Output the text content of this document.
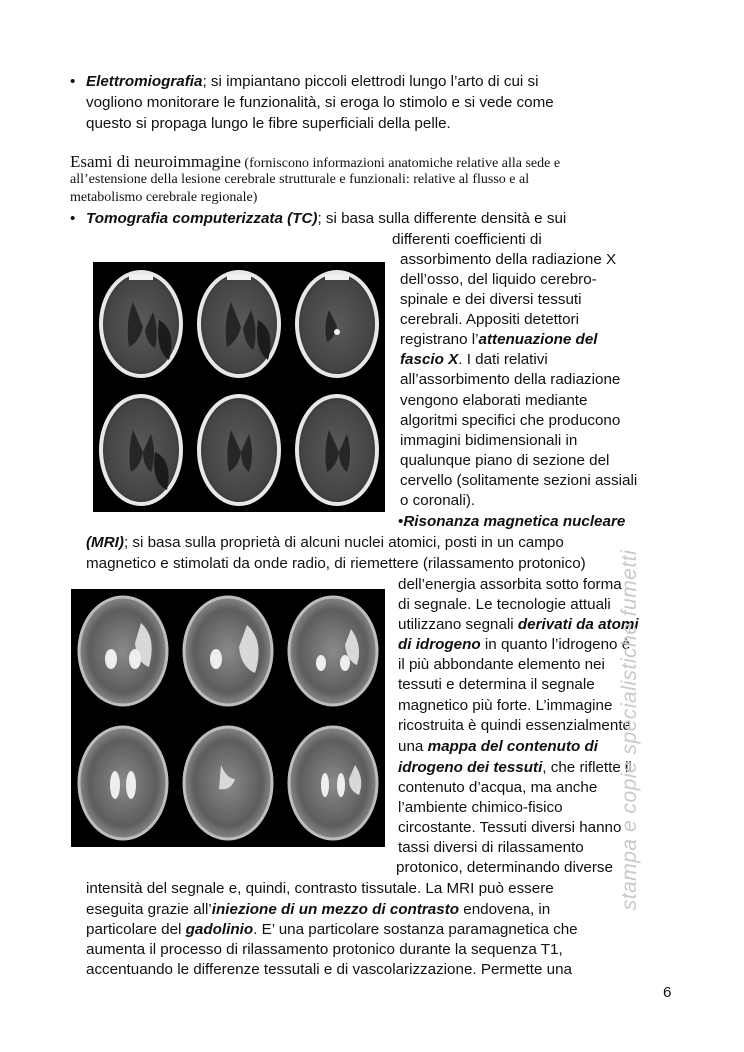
• Elettromiografia; si impiantano piccoli elettrodi lungo l’arto di cui si
vogliono monitorare le funzionalità, si eroga lo stimolo e si vede come
questo si propaga lungo le fibre superficiali della pelle.
Esami di neuroimmagine (forniscono informazioni anatomiche relative alla sede e
all’estensione della lesione cerebrale strutturale e funzionali: relative al flusso e al
metabolismo cerebrale regionale)
• Tomografia computerizzata (TC); si basa sulla differente densità e sui
differenti coefficienti di
assorbimento della radiazione X
dell’osso, del liquido cerebro-
spinale e dei diversi tessuti
cerebrali. Appositi detettori
registrano l’attenuazione del
fascio X. I dati relativi
all’assorbimento della radiazione
vengono elaborati mediante
algoritmi specifici che producono
immagini bidimensionali in
qualunque piano di sezione del
cervello (solitamente sezioni assiali
o coronali).
•Risonanza magnetica nucleare
(MRI); si basa sulla proprietà di alcuni nuclei atomici, posti in un campo
magnetico e stimolati da onde radio, di riemettere (rilassamento protonico)
dell’energia assorbita sotto forma
di segnale. Le tecnologie attuali
utilizzano segnali derivati da atomi
di idrogeno in quanto l’idrogeno è
il più abbondante elemento nei
tessuti e determina il segnale
magnetico più forte. L’immagine
ricostruita è quindi essenzialmente
una mappa del contenuto di
idrogeno dei tessuti, che riflette il
contenuto d’acqua, ma anche
l’ambiente chimico-fisico
circostante. Tessuti diversi hanno
tassi diversi di rilassamento
protonico, determinando diverse
intensità del segnale e, quindi, contrasto tissutale. La MRI può essere
eseguita grazie all’iniezione di un mezzo di contrasto endovena, in
particolare del gadolinio. E’ una particolare sostanza paramagnetica che
aumenta il processo di rilassamento protonico durante la sequenza T1,
accentuando le differenze tessutali e di vascolarizzazione. Permette una
stampa e copie specialistiche fumetti
6
